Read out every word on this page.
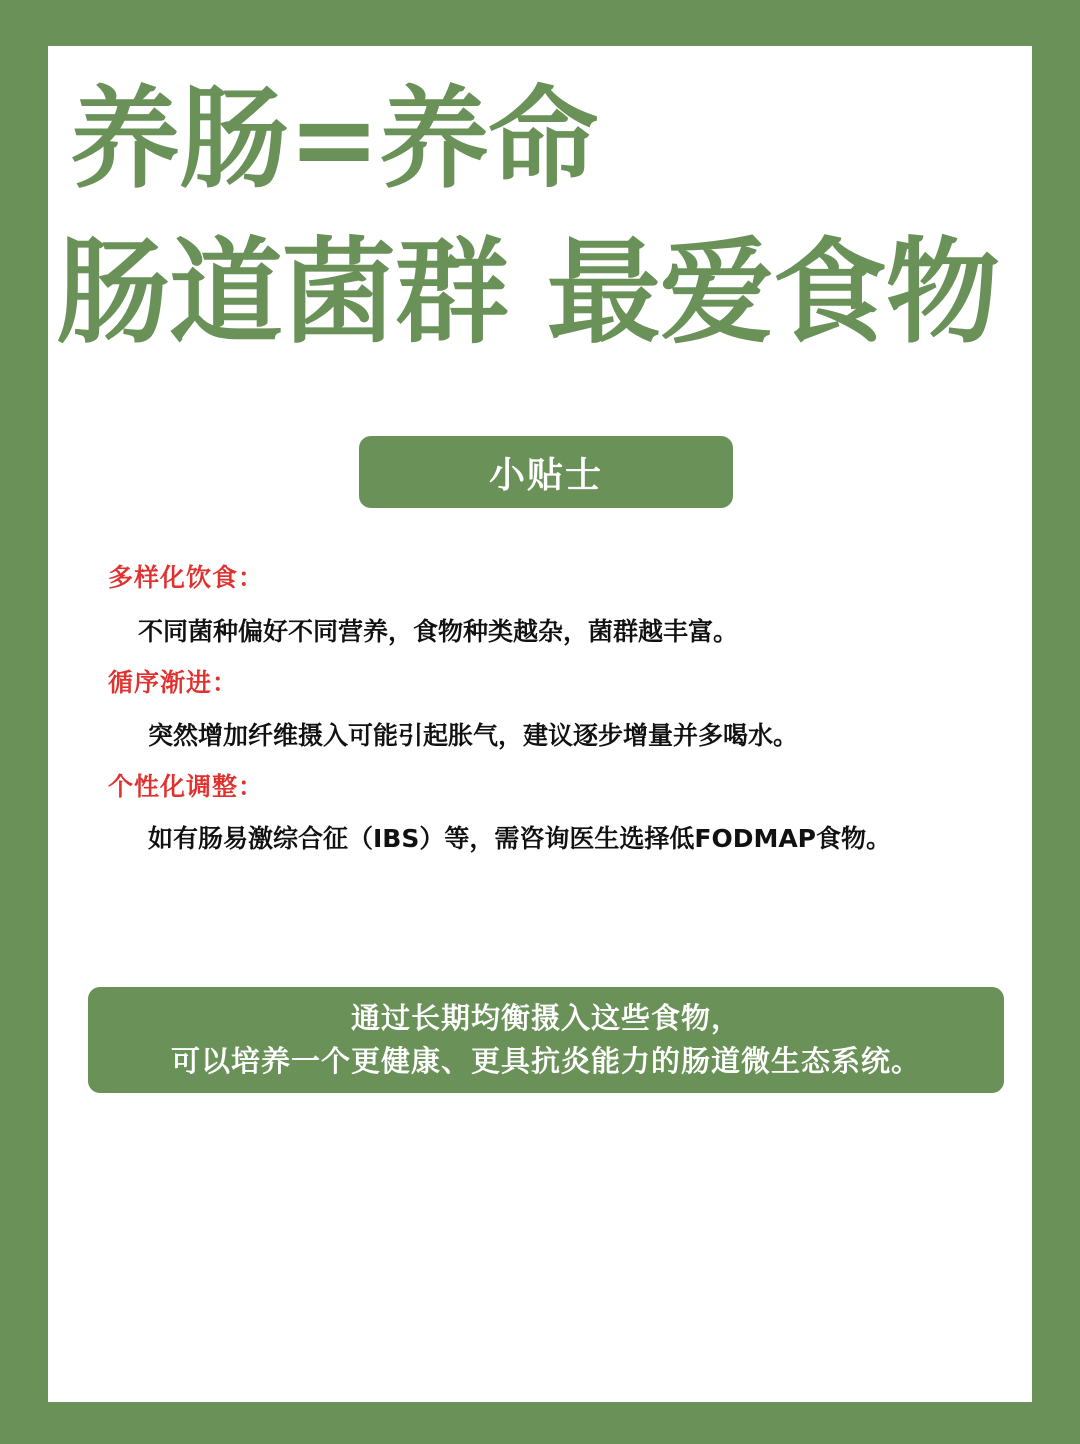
养肠=养命
肠道菌群 最爱食物
小贴士
多样化饮食：
不同菌种偏好不同营养，食物种类越杂，菌群越丰富。
循序渐进：
突然增加纤维摄入可能引起胀气，建议逐步增量并多喝水。
个性化调整：
如有肠易激综合征（IBS）等，需咨询医生选择低FODMAP食物。
通过长期均衡摄入这些食物，
可以培养一个更健康、更具抗炎能力的肠道微生态系统。
